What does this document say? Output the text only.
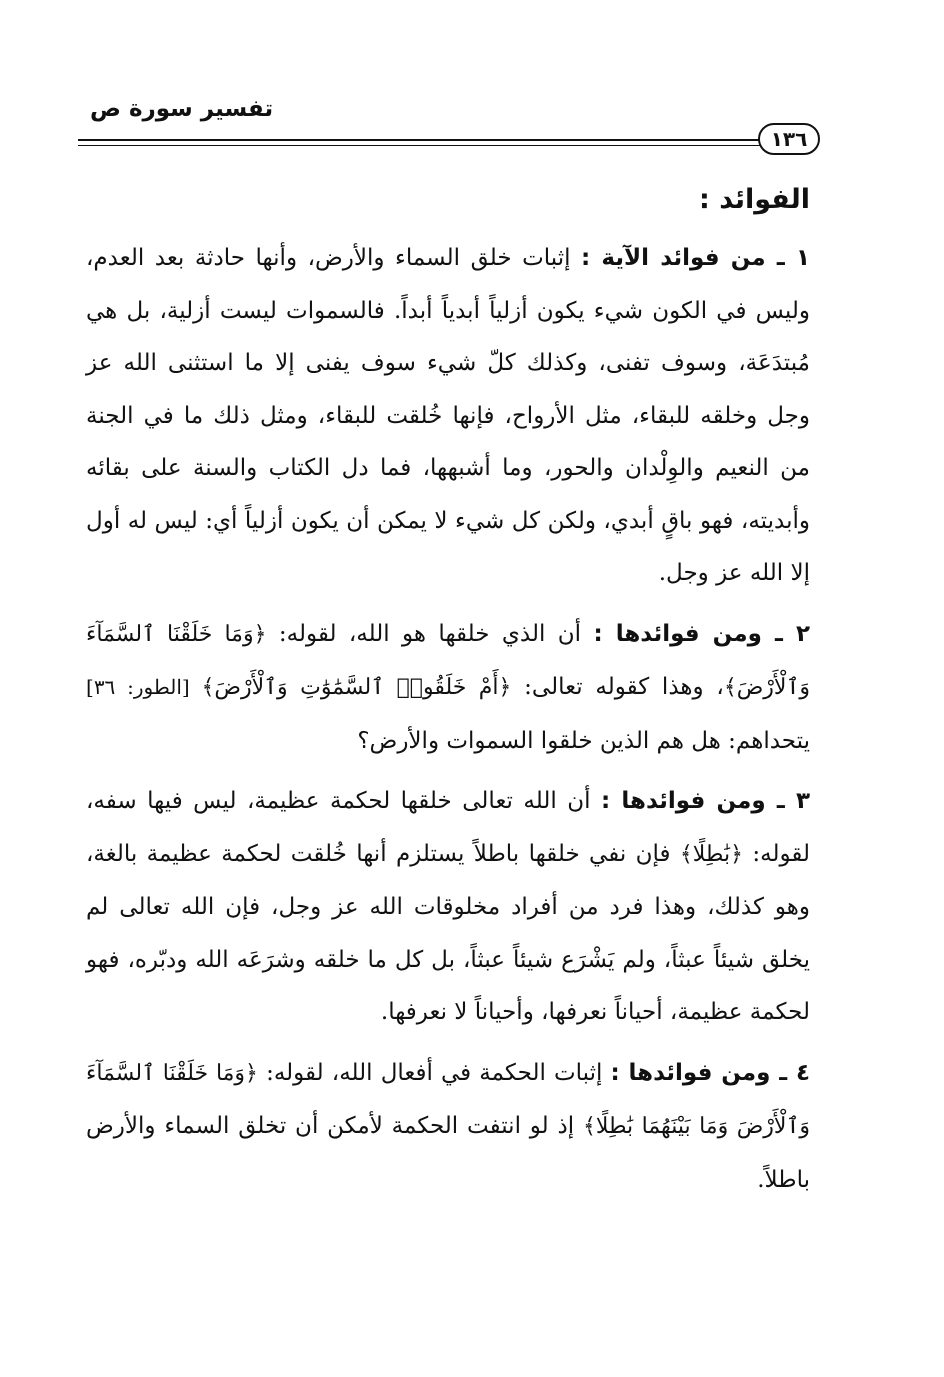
تفسير سورة ص
١٣٦
الفوائد :

١ ـ من فوائد الآية : إثبات خلق السماء والأرض، وأنها حادثة بعد العدم، وليس في الكون شيء يكون أزلياً أبدياً أبداً. فالسموات ليست أزلية، بل هي مُبتدَعَة، وسوف تفنى، وكذلك كلّ شيء سوف يفنى إلا ما استثنى الله عز وجل وخلقه للبقاء، مثل الأرواح، فإنها خُلقت للبقاء، ومثل ذلك ما في الجنة من النعيم والوِلْدان والحور، وما أشبهها، فما دل الكتاب والسنة على بقائه وأبديته، فهو باقٍ أبدي، ولكن كل شيء لا يمكن أن يكون أزلياً أي: ليس له أول إلا الله عز وجل.

٢ ـ ومن فوائدها : أن الذي خلقها هو الله، لقوله: ﴿وَمَا خَلَقْنَا ٱلسَّمَآءَ وَٱلْأَرْضَ﴾، وهذا كقوله تعالى: ﴿أَمْ خَلَقُوا۟ ٱلسَّمَٰوَٰتِ وَٱلْأَرْضَ﴾ [الطور: ٣٦] يتحداهم: هل هم الذين خلقوا السموات والأرض؟

٣ ـ ومن فوائدها : أن الله تعالى خلقها لحكمة عظيمة، ليس فيها سفه، لقوله: ﴿بَٰطِلًا﴾ فإن نفي خلقها باطلاً يستلزم أنها خُلقت لحكمة عظيمة بالغة، وهو كذلك، وهذا فرد من أفراد مخلوقات الله عز وجل، فإن الله تعالى لم يخلق شيئاً عبثاً، ولم يَشْرَع شيئاً عبثاً، بل كل ما خلقه وشرَعَه الله ودبّره، فهو لحكمة عظيمة، أحياناً نعرفها، وأحياناً لا نعرفها.

٤ ـ ومن فوائدها : إثبات الحكمة في أفعال الله، لقوله: ﴿وَمَا خَلَقْنَا ٱلسَّمَآءَ وَٱلْأَرْضَ وَمَا بَيْنَهُمَا بَٰطِلًا﴾ إذ لو انتفت الحكمة لأمكن أن تخلق السماء والأرض باطلاً.
